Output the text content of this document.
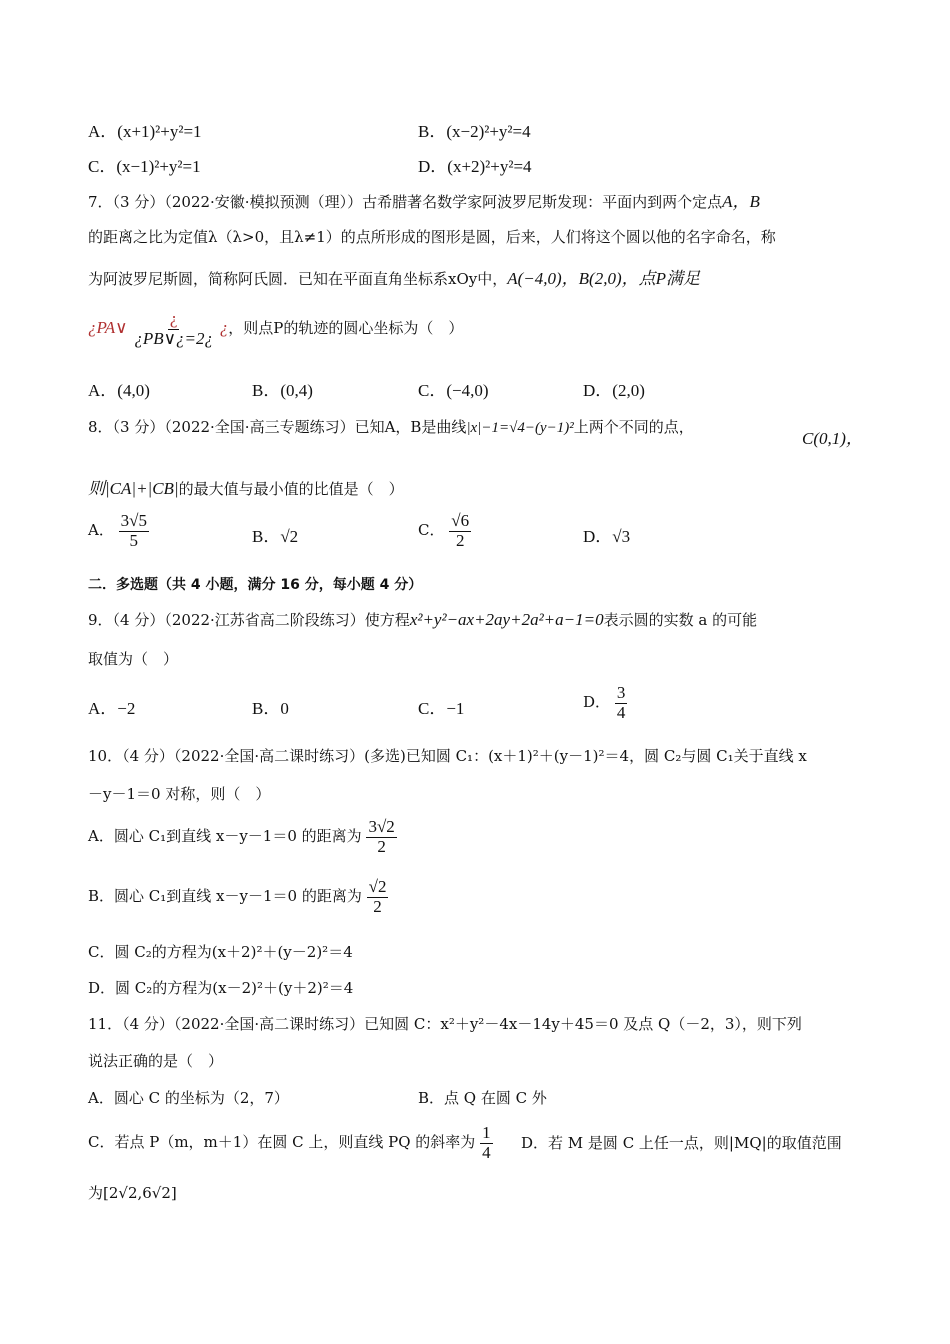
A．(x+1)²+y²=1	B．(x−2)²+y²=4
C．(x−1)²+y²=1	D．(x+2)²+y²=4
7．（3 分）（2022·安徽·模拟预测（理））古希腊著名数学家阿波罗尼斯发现：平面内到两个定点A，B
的距离之比为定值λ（λ>0，且λ≠1）的点所形成的图形是圆，后来，人们将这个圆以他的名字命名，称
为阿波罗尼斯圆，简称阿氏圆．已知在平面直角坐标系xOy中，A(−4,0)，B(2,0)，点P满足
¿PA∨ $\frac{¿}{¿PB\vee¿=2¿}$ ¿，则点P的轨迹的圆心坐标为（　）
A．(4,0)	B．(0,4)	C．(−4,0)	D．(2,0)
8．（3 分）（2022·全国·高三专题练习）已知A，B是曲线|x|−1=√4−(y−1)²上两个不同的点，
C(0,1)，
则|CA|+|CB|的最大值与最小值的比值是（　）
A． $\frac{3√5}{5}$	B．√2	C． $\frac{√6}{2}$	D．√3
二．多选题（共 4 小题，满分 16 分，每小题 4 分）
9．（4 分）（2022·江苏省高二阶段练习）使方程x²+y²−ax+2ay+2a²+a−1=0表示圆的实数 a 的可能
取值为（　）
A．−2	B．0	C．−1	D． $\frac{3}{4}$
10．（4 分）（2022·全国·高二课时练习）(多选)已知圆 C₁：(x＋1)²＋(y－1)²＝4，圆 C₂与圆 C₁关于直线 x
－y－1＝0 对称，则（　）
A．圆心 C₁到直线 x－y－1＝0 的距离为 $\frac{3√2}{2}$
B．圆心 C₁到直线 x－y－1＝0 的距离为 $\frac{√2}{2}$
C．圆 C₂的方程为(x＋2)²＋(y－2)²＝4
D．圆 C₂的方程为(x－2)²＋(y＋2)²＝4
11．（4 分）（2022·全国·高二课时练习）已知圆 C：x²＋y²－4x－14y＋45＝0 及点 Q（－2，3），则下列
说法正确的是（　）
A．圆心 C 的坐标为（2，7）	B．点 Q 在圆 C 外
C．若点 P（m，m＋1）在圆 C 上，则直线 PQ 的斜率为 $\frac{1}{4}$ D．若 M 是圆 C 上任一点，则|MQ|的取值范围
为[2√2,6√2]
